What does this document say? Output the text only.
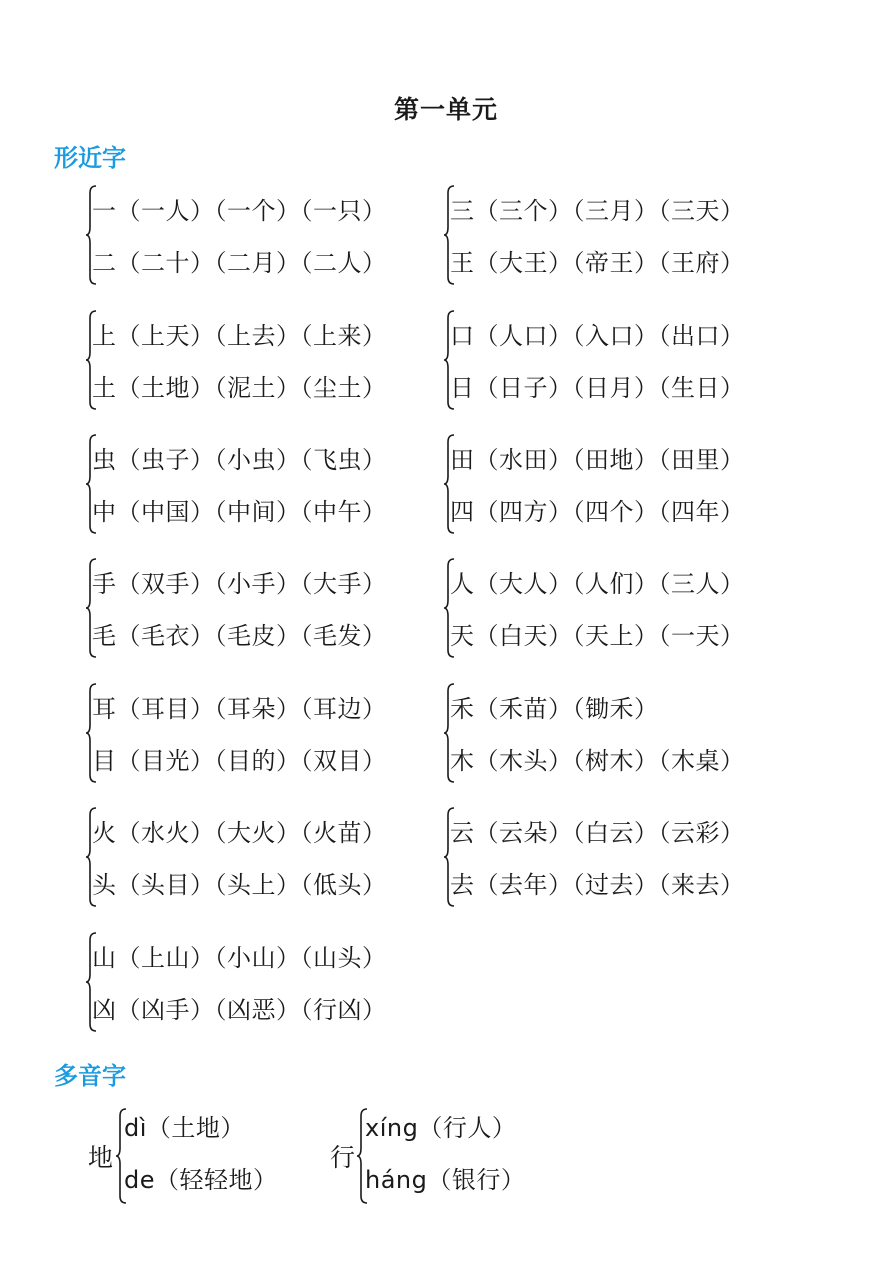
第一单元
形近字
一（一人）（一个）（一只）
二（二十）（二月）（二人）
三（三个）（三月）（三天）
王（大王）（帝王）（王府）
上（上天）（上去）（上来）
土（土地）（泥土）（尘土）
口（人口）（入口）（出口）
日（日子）（日月）（生日）
虫（虫子）（小虫）（飞虫）
中（中国）（中间）（中午）
田（水田）（田地）（田里）
四（四方）（四个）（四年）
手（双手）（小手）（大手）
毛（毛衣）（毛皮）（毛发）
人（大人）（人们）（三人）
天（白天）（天上）（一天）
耳（耳目）（耳朵）（耳边）
目（目光）（目的）（双目）
禾（禾苗）（锄禾）
木（木头）（树木）（木桌）
火（水火）（大火）（火苗）
头（头目）（头上）（低头）
云（云朵）（白云）（云彩）
去（去年）（过去）（来去）
山（上山）（小山）（山头）
凶（凶手）（凶恶）（行凶）
多音字
地
dì（土地）
de（轻轻地）
行
xíng（行人）
háng（银行）
